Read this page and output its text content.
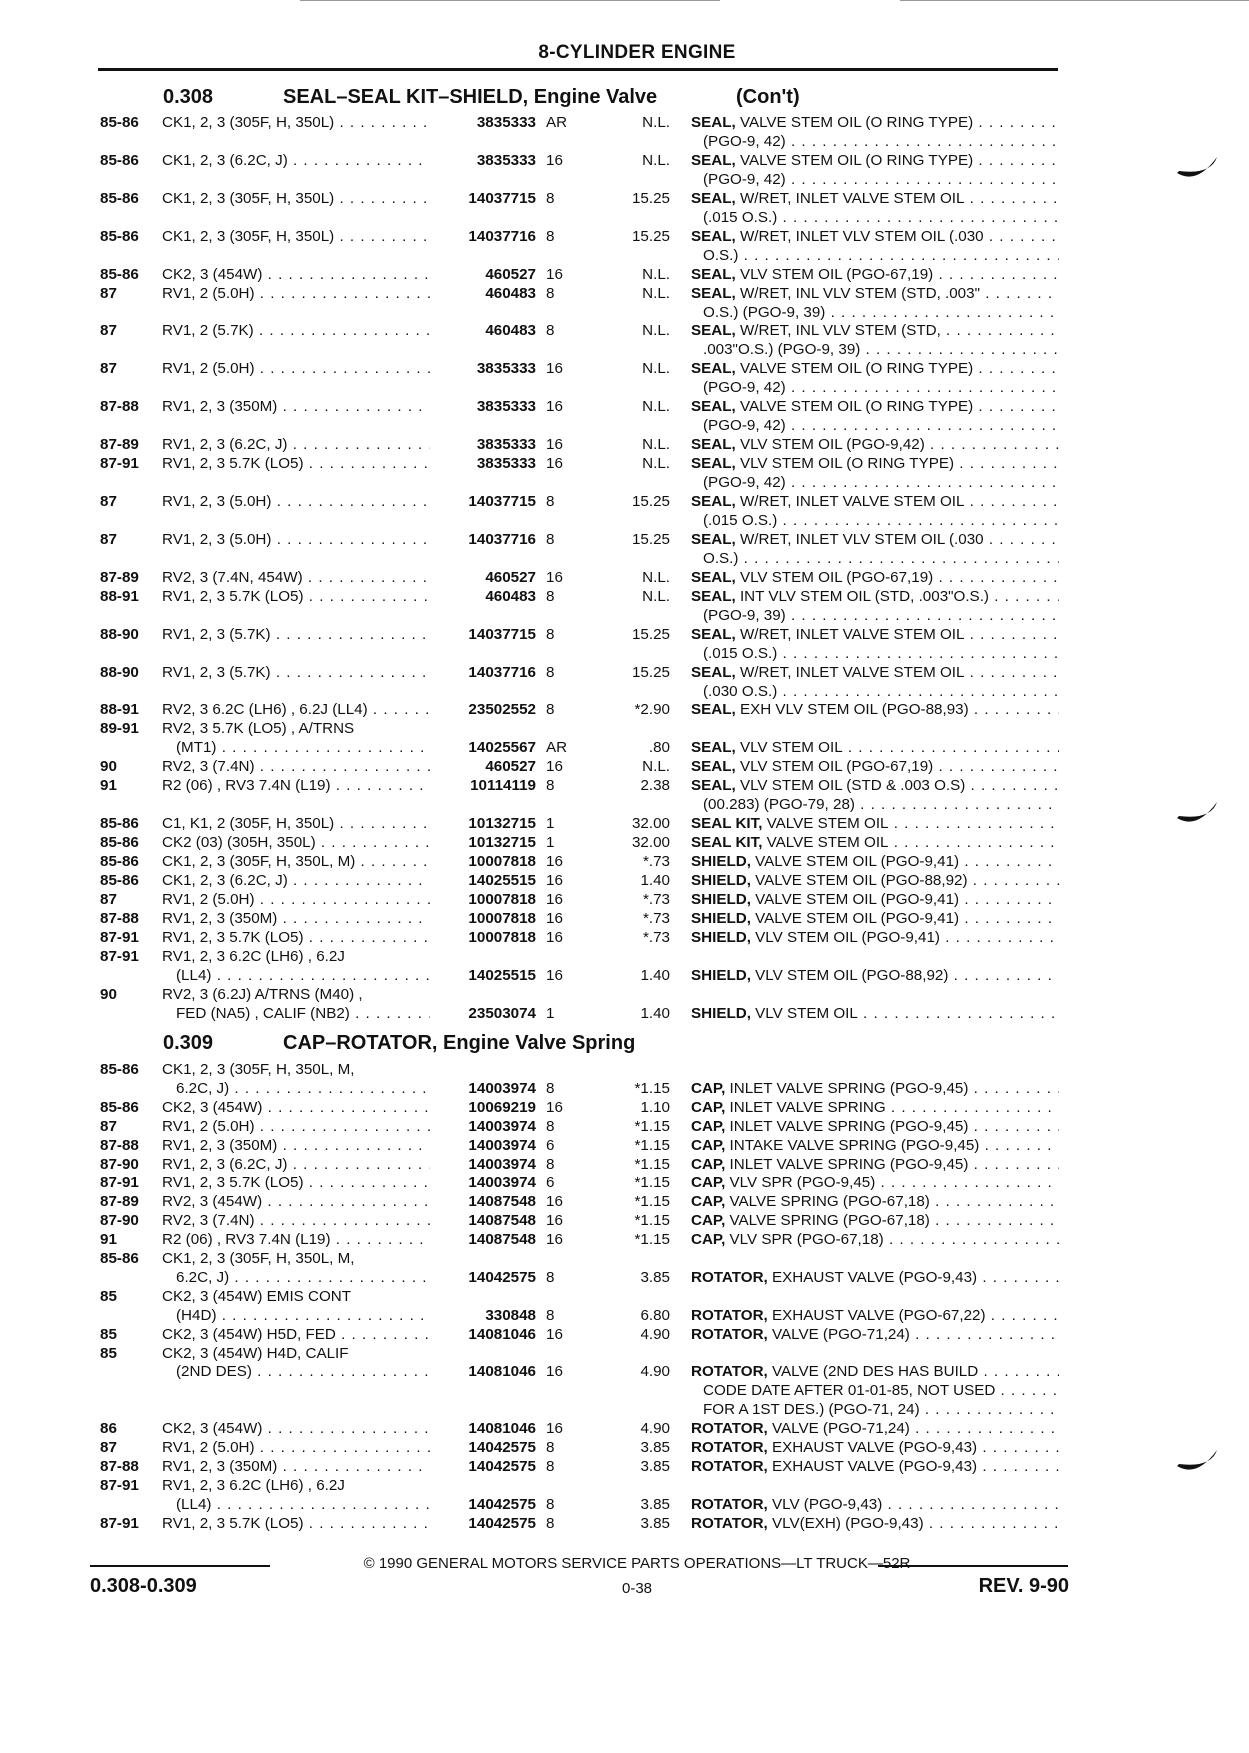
8-CYLINDER ENGINE
0.308	SEAL–SEAL KIT–SHIELD, Engine Valve	(Con't)
85-86	CK1, 2, 3 (305F, H, 350L) . . .	3835333 AR	N.L. SEAL, VALVE STEM OIL (O RING TYPE) . . .
(PGO-9, 42) . . .
85-86	CK1, 2, 3 (6.2C, J) . . .	3835333 16	N.L. SEAL, VALVE STEM OIL (O RING TYPE) . . .
(PGO-9, 42) . . .
85-86	CK1, 2, 3 (305F, H, 350L) . . .	14037715 8	15.25 SEAL, W/RET, INLET VALVE STEM OIL . . .
(.015 O.S.) . . .
85-86	CK1, 2, 3 (305F, H, 350L) . . .	14037716 8	15.25 SEAL, W/RET, INLET VLV STEM OIL (.030 . . .
O.S.) . . .
85-86	CK2, 3 (454W) . . .	460527 16	N.L. SEAL, VLV STEM OIL (PGO-67,19) . . .
87	RV1, 2 (5.0H) . . .	460483 8	N.L. SEAL, W/RET, INL VLV STEM (STD, .003" . . .
O.S.) (PGO-9, 39) . . .
87	RV1, 2 (5.7K) . . .	460483 8	N.L. SEAL, W/RET, INL VLV STEM (STD, . . .
.003"O.S.) (PGO-9, 39) . . .
87	RV1, 2 (5.0H) . . .	3835333 16	N.L. SEAL, VALVE STEM OIL (O RING TYPE) . . .
(PGO-9, 42) . . .
87-88	RV1, 2, 3 (350M) . . .	3835333 16	N.L. SEAL, VALVE STEM OIL (O RING TYPE) . . .
(PGO-9, 42) . . .
87-89	RV1, 2, 3 (6.2C, J) . . .	3835333 16	N.L. SEAL, VLV STEM OIL (PGO-9,42) . . .
87-91	RV1, 2, 3 5.7K (LO5) . . .	3835333 16	N.L. SEAL, VLV STEM OIL (O RING TYPE) . . .
(PGO-9, 42) . . .
87	RV1, 2, 3 (5.0H) . . .	14037715 8	15.25 SEAL, W/RET, INLET VALVE STEM OIL . . .
(.015 O.S.) . . .
87	RV1, 2, 3 (5.0H) . . .	14037716 8	15.25 SEAL, W/RET, INLET VLV STEM OIL (.030 . . .
O.S.) . . .
87-89	RV2, 3 (7.4N, 454W) . . .	460527 16	N.L. SEAL, VLV STEM OIL (PGO-67,19) . . .
88-91	RV1, 2, 3 5.7K (LO5) . . .	460483 8	N.L. SEAL, INT VLV STEM OIL (STD, .003"O.S.) . . .
(PGO-9, 39) . . .
88-90	RV1, 2, 3 (5.7K) . . .	14037715 8	15.25 SEAL, W/RET, INLET VALVE STEM OIL . . .
(.015 O.S.) . . .
88-90	RV1, 2, 3 (5.7K) . . .	14037716 8	15.25 SEAL, W/RET, INLET VALVE STEM OIL . . .
(.030 O.S.) . . .
88-91	RV2, 3 6.2C (LH6) , 6.2J (LL4) . . .	23502552 8	*2.90 SEAL, EXH VLV STEM OIL (PGO-88,93) . . .
89-91	RV2, 3 5.7K (LO5) , A/TRNS
(MT1) . . .	14025567 AR	.80 SEAL, VLV STEM OIL . . .
90	RV2, 3 (7.4N) . . .	460527 16	N.L. SEAL, VLV STEM OIL (PGO-67,19) . . .
91	R2 (06) , RV3 7.4N (L19) . . .	10114119 8	2.38 SEAL, VLV STEM OIL (STD & .003 O.S) . . .
(00.283) (PGO-79, 28) . . .
85-86	C1, K1, 2 (305F, H, 350L) . . .	10132715 1	32.00 SEAL KIT, VALVE STEM OIL . . .
85-86	CK2 (03) (305H, 350L) . . .	10132715 1	32.00 SEAL KIT, VALVE STEM OIL . . .
85-86	CK1, 2, 3 (305F, H, 350L, M) . . .	10007818 16	*.73 SHIELD, VALVE STEM OIL (PGO-9,41) . . .
85-86	CK1, 2, 3 (6.2C, J) . . .	14025515 16	1.40 SHIELD, VALVE STEM OIL (PGO-88,92) . . .
87	RV1, 2 (5.0H) . . .	10007818 16	*.73 SHIELD, VALVE STEM OIL (PGO-9,41) . . .
87-88	RV1, 2, 3 (350M) . . .	10007818 16	*.73 SHIELD, VALVE STEM OIL (PGO-9,41) . . .
87-91	RV1, 2, 3 5.7K (LO5) . . .	10007818 16	*.73 SHIELD, VLV STEM OIL (PGO-9,41) . . .
87-91	RV1, 2, 3 6.2C (LH6) , 6.2J
(LL4) . . .	14025515 16	1.40 SHIELD, VLV STEM OIL (PGO-88,92) . . .
90	RV2, 3 (6.2J) A/TRNS (M40) ,
FED (NA5) , CALIF (NB2) . . .	23503074 1	1.40 SHIELD, VLV STEM OIL . . .
0.309	CAP–ROTATOR, Engine Valve Spring
85-86	CK1, 2, 3 (305F, H, 350L, M,
6.2C, J) . . .	14003974 8	*1.15 CAP, INLET VALVE SPRING (PGO-9,45) . . .
85-86	CK2, 3 (454W) . . .	10069219 16	1.10 CAP, INLET VALVE SPRING . . .
87	RV1, 2 (5.0H) . . .	14003974 8	*1.15 CAP, INLET VALVE SPRING (PGO-9,45) . . .
87-88	RV1, 2, 3 (350M) . . .	14003974 6	*1.15 CAP, INTAKE VALVE SPRING (PGO-9,45) . . .
87-90	RV1, 2, 3 (6.2C, J) . . .	14003974 8	*1.15 CAP, INLET VALVE SPRING (PGO-9,45) . . .
87-91	RV1, 2, 3 5.7K (LO5) . . .	14003974 6	*1.15 CAP, VLV SPR (PGO-9,45) . . .
87-89	RV2, 3 (454W) . . .	14087548 16	*1.15 CAP, VALVE SPRING (PGO-67,18) . . .
87-90	RV2, 3 (7.4N) . . .	14087548 16	*1.15 CAP, VALVE SPRING (PGO-67,18) . . .
91	R2 (06) , RV3 7.4N (L19) . . .	14087548 16	*1.15 CAP, VLV SPR (PGO-67,18) . . .
85-86	CK1, 2, 3 (305F, H, 350L, M,
6.2C, J) . . .	14042575 8	3.85 ROTATOR, EXHAUST VALVE (PGO-9,43) . . .
85	CK2, 3 (454W) EMIS CONT
(H4D) . . .	330848 8	6.80 ROTATOR, EXHAUST VALVE (PGO-67,22) . . .
85	CK2, 3 (454W) H5D, FED . . .	14081046 16	4.90 ROTATOR, VALVE (PGO-71,24) . . .
85	CK2, 3 (454W) H4D, CALIF
(2ND DES) . . .	14081046 16	4.90 ROTATOR, VALVE (2ND DES HAS BUILD . . .
CODE DATE AFTER 01-01-85, NOT USED . . .
FOR A 1ST DES.) (PGO-71, 24) . . .
86	CK2, 3 (454W) . . .	14081046 16	4.90 ROTATOR, VALVE (PGO-71,24) . . .
87	RV1, 2 (5.0H) . . .	14042575 8	3.85 ROTATOR, EXHAUST VALVE (PGO-9,43) . . .
87-88	RV1, 2, 3 (350M) . . .	14042575 8	3.85 ROTATOR, EXHAUST VALVE (PGO-9,43) . . .
87-91	RV1, 2, 3 6.2C (LH6) , 6.2J
(LL4) . . .	14042575 8	3.85 ROTATOR, VLV (PGO-9,43) . . .
87-91	RV1, 2, 3 5.7K (LO5) . . .	14042575 8	3.85 ROTATOR, VLV(EXH) (PGO-9,43) . . .
© 1990 GENERAL MOTORS SERVICE PARTS OPERATIONS—LT TRUCK—52R
0.308-0.309	0-38	REV. 9-90
